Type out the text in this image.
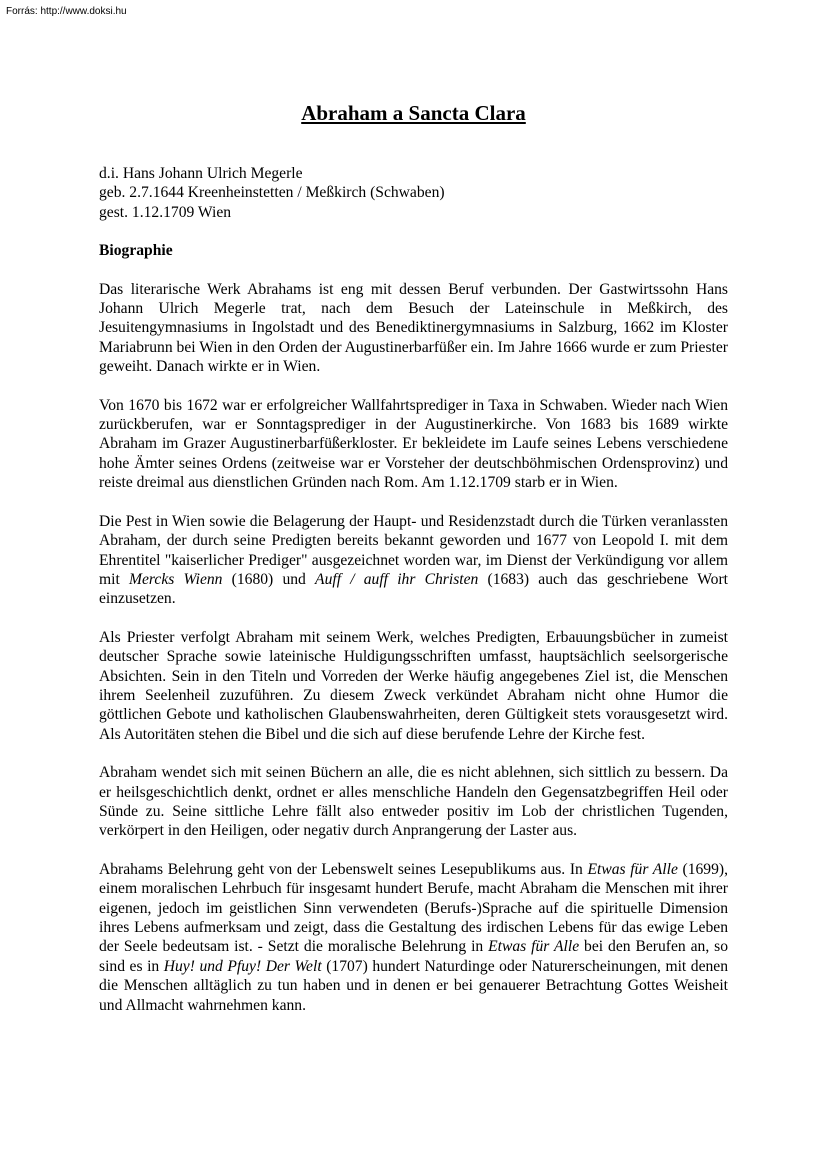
Forrás: http://www.doksi.hu
Abraham a Sancta Clara

d.i. Hans Johann Ulrich Megerle

geb. 2.7.1644 Kreenheinstetten / Meßkirch (Schwaben)

gest. 1.12.1709 Wien

Biographie

Das literarische Werk Abrahams ist eng mit dessen Beruf verbunden. Der Gastwirtssohn Hans Johann Ulrich Megerle trat, nach dem Besuch der Lateinschule in Meßkirch, des Jesuitengymnasiums in Ingolstadt und des Benediktinergymnasiums in Salzburg, 1662 im Kloster Mariabrunn bei Wien in den Orden der Augustinerbarfüßer ein. Im Jahre 1666 wurde er zum Priester geweiht. Danach wirkte er in Wien.

Von 1670 bis 1672 war er erfolgreicher Wallfahrtsprediger in Taxa in Schwaben. Wieder nach Wien zurückberufen, war er Sonntagsprediger in der Augustinerkirche. Von 1683 bis 1689 wirkte Abraham im Grazer Augustinerbarfüßerkloster. Er bekleidete im Laufe seines Lebens verschiedene hohe Ämter seines Ordens (zeitweise war er Vorsteher der deutschböhmischen Ordensprovinz) und reiste dreimal aus dienstlichen Gründen nach Rom. Am 1.12.1709 starb er in Wien.

Die Pest in Wien sowie die Belagerung der Haupt- und Residenzstadt durch die Türken veranlassten Abraham, der durch seine Predigten bereits bekannt geworden und 1677 von Leopold I. mit dem Ehrentitel "kaiserlicher Prediger" ausgezeichnet worden war, im Dienst der Verkündigung vor allem mit Mercks Wienn (1680) und Auff / auff ihr Christen (1683) auch das geschriebene Wort einzusetzen.

Als Priester verfolgt Abraham mit seinem Werk, welches Predigten, Erbauungsbücher in zumeist deutscher Sprache sowie lateinische Huldigungsschriften umfasst, hauptsächlich seelsorgerische Absichten. Sein in den Titeln und Vorreden der Werke häufig angegebenes Ziel ist, die Menschen ihrem Seelenheil zuzuführen. Zu diesem Zweck verkündet Abraham nicht ohne Humor die göttlichen Gebote und katholischen Glaubenswahrheiten, deren Gültigkeit stets vorausgesetzt wird. Als Autoritäten stehen die Bibel und die sich auf diese berufende Lehre der Kirche fest.

Abraham wendet sich mit seinen Büchern an alle, die es nicht ablehnen, sich sittlich zu bessern. Da er heilsgeschichtlich denkt, ordnet er alles menschliche Handeln den Gegensatzbegriffen Heil oder Sünde zu. Seine sittliche Lehre fällt also entweder positiv im Lob der christlichen Tugenden, verkörpert in den Heiligen, oder negativ durch Anprangerung der Laster aus.

Abrahams Belehrung geht von der Lebenswelt seines Lesepublikums aus. In Etwas für Alle (1699), einem moralischen Lehrbuch für insgesamt hundert Berufe, macht Abraham die Menschen mit ihrer eigenen, jedoch im geistlichen Sinn verwendeten (Berufs-)Sprache auf die spirituelle Dimension ihres Lebens aufmerksam und zeigt, dass die Gestaltung des irdischen Lebens für das ewige Leben der Seele bedeutsam ist. - Setzt die moralische Belehrung in Etwas für Alle bei den Berufen an, so sind es in Huy! und Pfuy! Der Welt (1707) hundert Naturdinge oder Naturerscheinungen, mit denen die Menschen alltäglich zu tun haben und in denen er bei genauerer Betrachtung Gottes Weisheit und Allmacht wahrnehmen kann.
